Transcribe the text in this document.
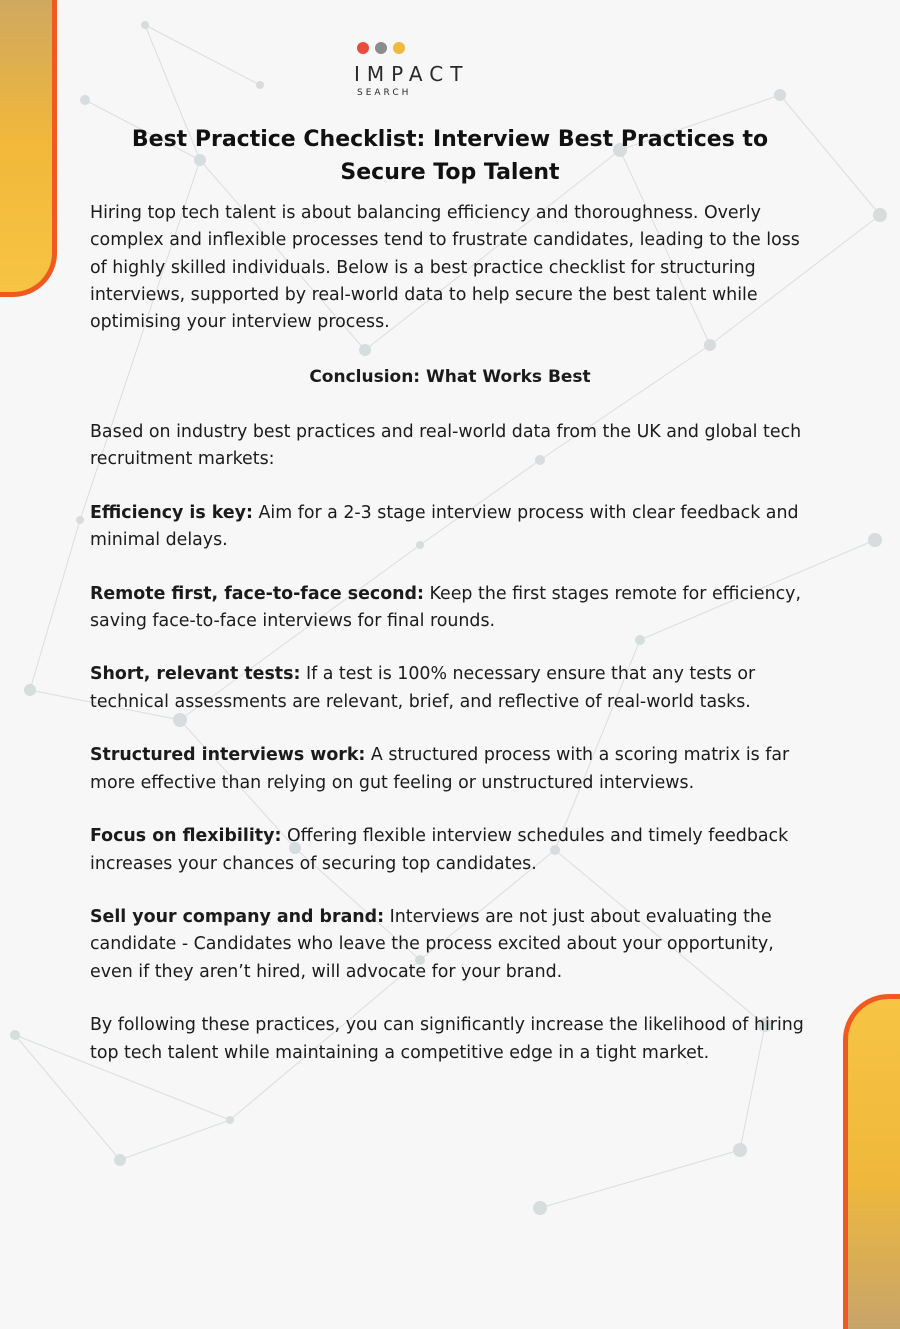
IMPACT
SEARCH
Best Practice Checklist: Interview Best Practices to Secure Top Talent

Hiring top tech talent is about balancing efficiency and thoroughness. Overly complex and inflexible processes tend to frustrate candidates, leading to the loss of highly skilled individuals. Below is a best practice checklist for structuring interviews, supported by real-world data to help secure the best talent while optimising your interview process.

Conclusion: What Works Best

Based on industry best practices and real-world data from the UK and global tech recruitment markets:

Efficiency is key: Aim for a 2-3 stage interview process with clear feedback and minimal delays.

Remote first, face-to-face second: Keep the first stages remote for efficiency, saving face-to-face interviews for final rounds.

Short, relevant tests: If a test is 100% necessary ensure that any tests or technical assessments are relevant, brief, and reflective of real-world tasks.

Structured interviews work: A structured process with a scoring matrix is far more effective than relying on gut feeling or unstructured interviews.

Focus on flexibility: Offering flexible interview schedules and timely feedback increases your chances of securing top candidates.

Sell your company and brand: Interviews are not just about evaluating the candidate - Candidates who leave the process excited about your opportunity, even if they aren’t hired, will advocate for your brand.

By following these practices, you can significantly increase the likelihood of hiring top tech talent while maintaining a competitive edge in a tight market.
